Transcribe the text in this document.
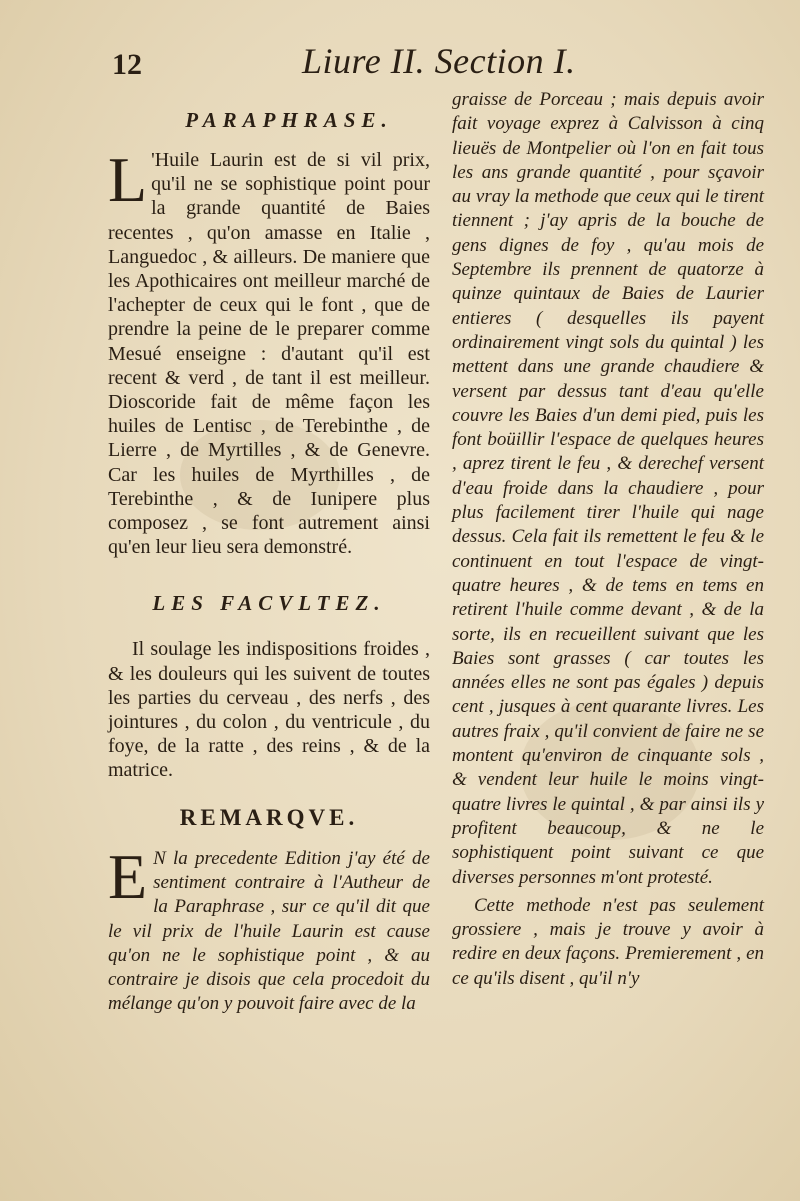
12	Liure II. Section I.
PARAPHRASE.
L 'Huile Laurin est de si vil prix, qu'il ne se sophistique point pour la grande quantité de Baies recentes , qu'on amasse en Italie , Languedoc , & ailleurs. De maniere que les Apothicaires ont meilleur marché de l'achepter de ceux qui le font , que de prendre la peine de le preparer comme Mesué enseigne : d'autant qu'il est recent & verd , de tant il est meilleur. Dioscoride fait de même façon les huiles de Lentisc , de Terebinthe , de Lierre , de Myrtilles , & de Genevre. Car les huiles de Myrthilles , de Terebinthe , & de Iunipere plus composez , se font autrement ainsi qu'en leur lieu sera demonstré.
LES FACVLTEZ.

Il soulage les indispositions froides , & les douleurs qui les suivent de toutes les parties du cerveau , des nerfs , des jointures , du colon , du ventricule , du foye, de la ratte , des reins , & de la matrice.

REMARQVE.
E N la precedente Edition j'ay été de sentiment contraire à l'Autheur de la Paraphrase , sur ce qu'il dit que le vil prix de l'huile Laurin est cause qu'on ne le sophistique point , & au contraire je disois que cela procedoit du mélange qu'on y pouvoit faire avec de la
graisse de Porceau ; mais depuis avoir fait voyage exprez à Calvisson à cinq lieuës de Montpelier où l'on en fait tous les ans grande quantité , pour sçavoir au vray la methode que ceux qui le tirent tiennent ; j'ay apris de la bouche de gens dignes de foy , qu'au mois de Septembre ils prennent de quatorze à quinze quintaux de Baies de Laurier entieres ( desquelles ils payent ordinairement vingt sols du quintal ) les mettent dans une grande chaudiere & versent par dessus tant d'eau qu'elle couvre les Baies d'un demi pied, puis les font boüillir l'espace de quelques heures , aprez tirent le feu , & derechef versent d'eau froide dans la chaudiere , pour plus facilement tirer l'huile qui nage dessus. Cela fait ils remettent le feu & le continuent en tout l'espace de vingt-quatre heures , & de tems en tems en retirent l'huile comme devant , & de la sorte, ils en recueillent suivant que les Baies sont grasses ( car toutes les années elles ne sont pas égales ) depuis cent , jusques à cent quarante livres. Les autres fraix , qu'il convient de faire ne se montent qu'environ de cinquante sols , & vendent leur huile le moins vingt-quatre livres le quintal , & par ainsi ils y profitent beaucoup, & ne le sophistiquent point suivant ce que diverses personnes m'ont protesté.
Cette methode n'est pas seulement grossiere , mais je trouve y avoir à redire en deux façons. Premierement , en ce qu'ils disent , qu'il n'y
